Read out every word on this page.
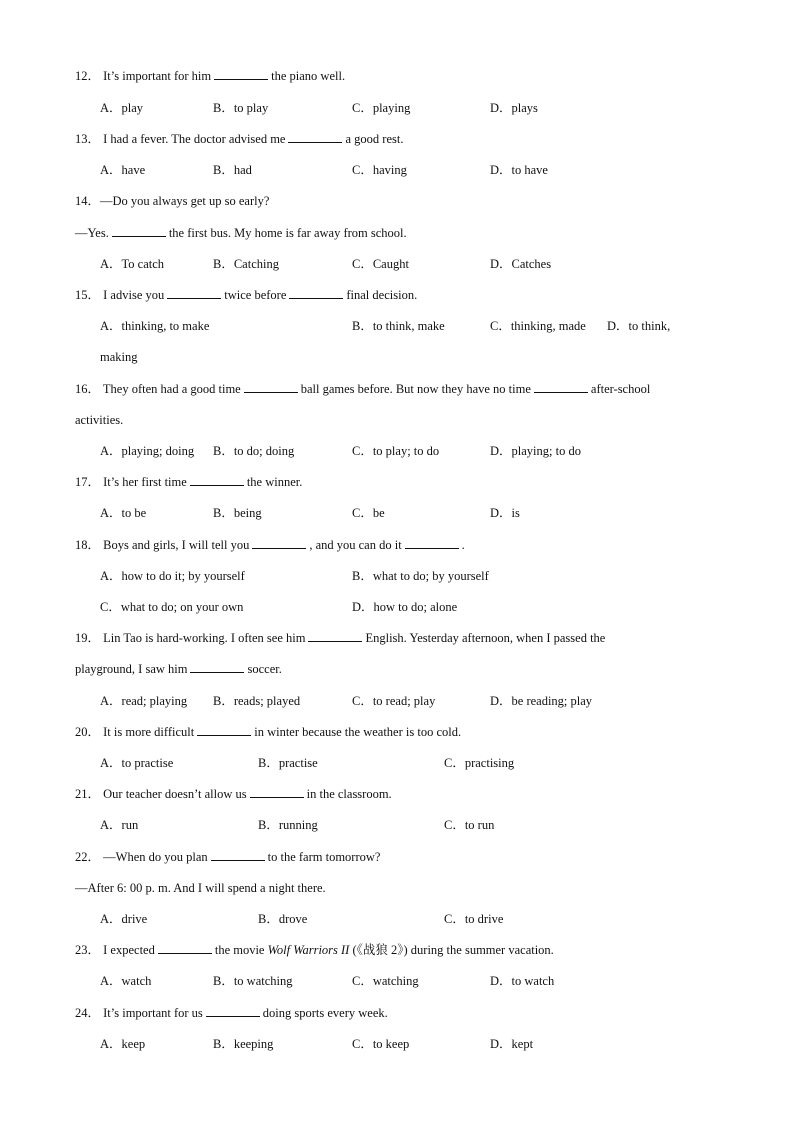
12． It’s important for him	the piano well.
A．play	B．to play	C．playing	D．plays
13． I had a fever. The doctor advised me	a good rest.
A．have	B．had	C．having	D．to have
14．—Do you always get up so early?
—Yes.	the first bus. My home is far away from school.
A．To catch	B．Catching	C．Caught	D．Catches
15． I advise you	twice before	final decision.
A．thinking, to make	B．to think, make	C．thinking, made D．to think,
making
16． They often had a good time	ball games before. But now they have no time	after-school
activities.
A．playing; doing B．to do; doing	C．to play; to do	D．playing; to do
17． It’s her first time	the winner.
A．to be	B．being	C．be	D．is
18． Boys and girls, I will tell you	, and you can do it	.
A．how to do it; by yourself	B．what to do; by yourself
C．what to do; on your own	D．how to do; alone
19． Lin Tao is hard-working. I often see him	English. Yesterday afternoon, when I passed the
playground, I saw him	soccer.
A．read; playing B．reads; played	C．to read; play	D．be reading; play
20． It is more difficult	in winter because the weather is too cold.
A．to practise	B．practise	C．practising
21． Our teacher doesn’t allow us	in the classroom.
A．run	B．running	C．to run
22． —When do you plan	to the farm tomorrow?
—After 6: 00 p. m. And I will spend a night there.
A．drive	B．drove	C．to drive
23． I expected	the movie Wolf Warriors II (《战狼 2》) during the summer vacation.
A．watch	B．to watching	C．watching	D．to watch
24． It’s important for us	doing sports every week.
A．keep	B．keeping	C．to keep	D．kept
